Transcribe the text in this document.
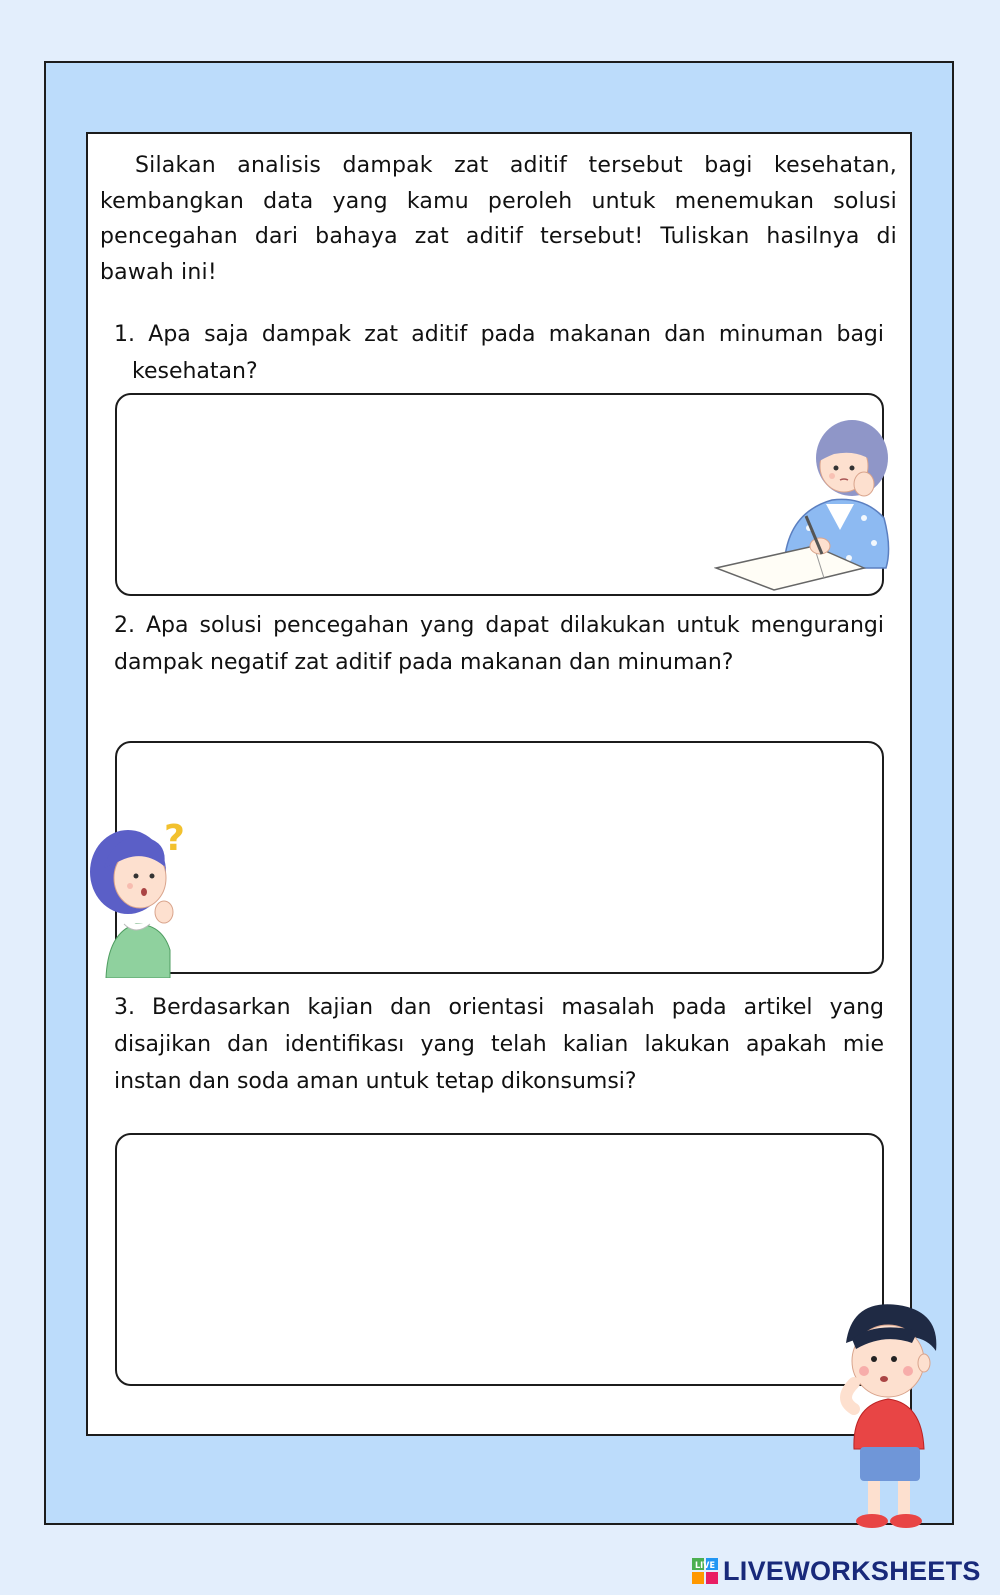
Silakan analisis dampak zat aditif tersebut bagi kesehatan, kembangkan data yang kamu peroleh untuk menemukan solusi pencegahan dari bahaya zat aditif tersebut! Tuliskan hasilnya di bawah ini!

1. Apa saja dampak zat aditif pada makanan dan minuman bagi kesehatan?

2. Apa solusi pencegahan yang dapat dilakukan untuk mengurangi dampak negatif zat aditif pada makanan dan minuman?

3. Berdasarkan kajian dan orientasi masalah pada artikel yang disajikan dan identifikası yang telah kalian lakukan apakah mie instan dan soda aman untuk tetap dikonsumsi?

?
LIVE LIVEWORKSHEETS
